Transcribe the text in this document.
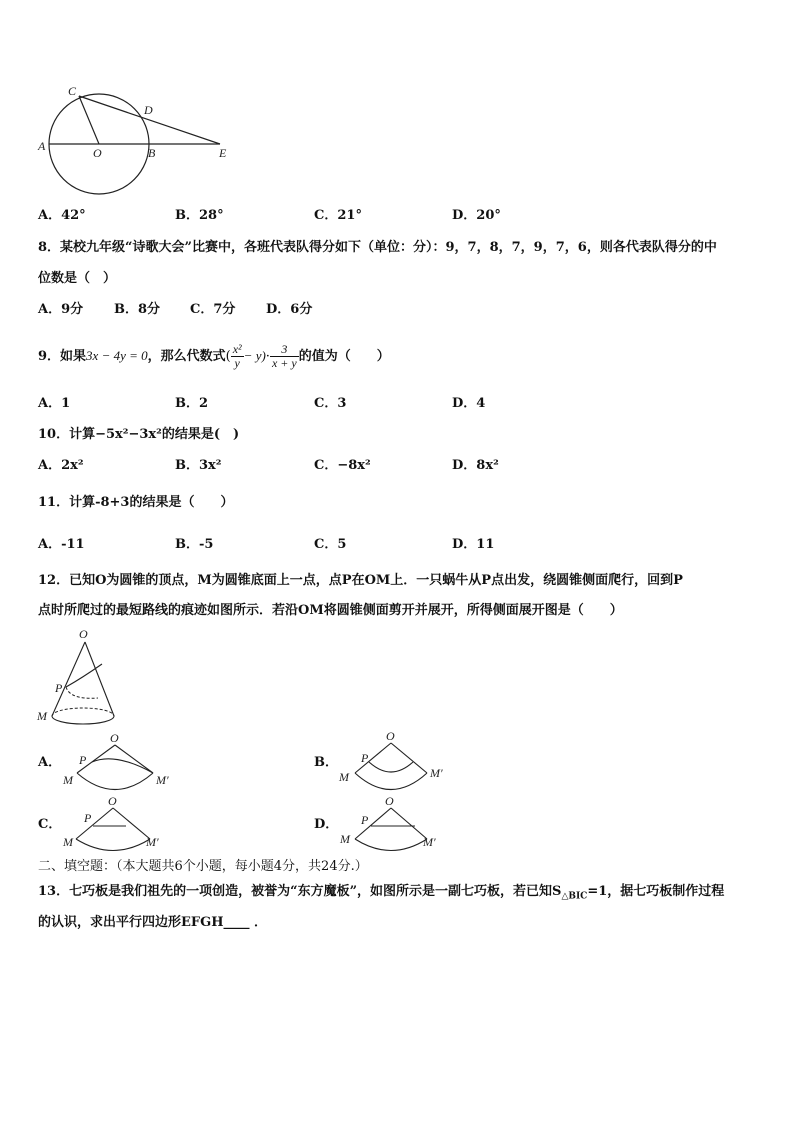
C
D
A	O	B	E
A．42°	B．28°	C．21°	D．20°
8．某校九年级“诗歌大会”比赛中，各班代表队得分如下（单位：分）：9，7，8，7，9，7，6，则各代表队得分的中
位数是（　）
A．9分 B．8分 C．7分 D．6分
9．如果3x − 4y = 0，那么代数式( $\frac{\text{x²}}{y} - y)\cdot \frac{3}{x + y}$ 的值为（　　）
A．1	B．2	C．3	D．4
10．计算−5x²−3x²的结果是(　)
A．2x²	B．3x²	C．−8x²	D．8x²
11．计算-8+3的结果是（　　）
A．-11	B．-5	C．5	D．11
12．已知O为圆锥的顶点，M为圆锥底面上一点，点P在OM上．一只蜗牛从P点出发，绕圆锥侧面爬行，回到P
点时所爬过的最短路线的痕迹如图所示．若沿OM将圆锥侧面剪开并展开，所得侧面展开图是（　　）
O
P
M
A．	B．
C．	D．
O
P
M	M′
O
P
M	M′
O
P
M	M′
O
P
M	M′
二、填空题：（本大题共6个小题，每小题4分，共24分.）
13．七巧板是我们祖先的一项创造，被誉为“东方魔板”，如图所示是一副七巧板，若已知$S_{\triangle BIC}=1$，据七巧板制作过程
的认识，求出平行四边形EFGH____ ．
